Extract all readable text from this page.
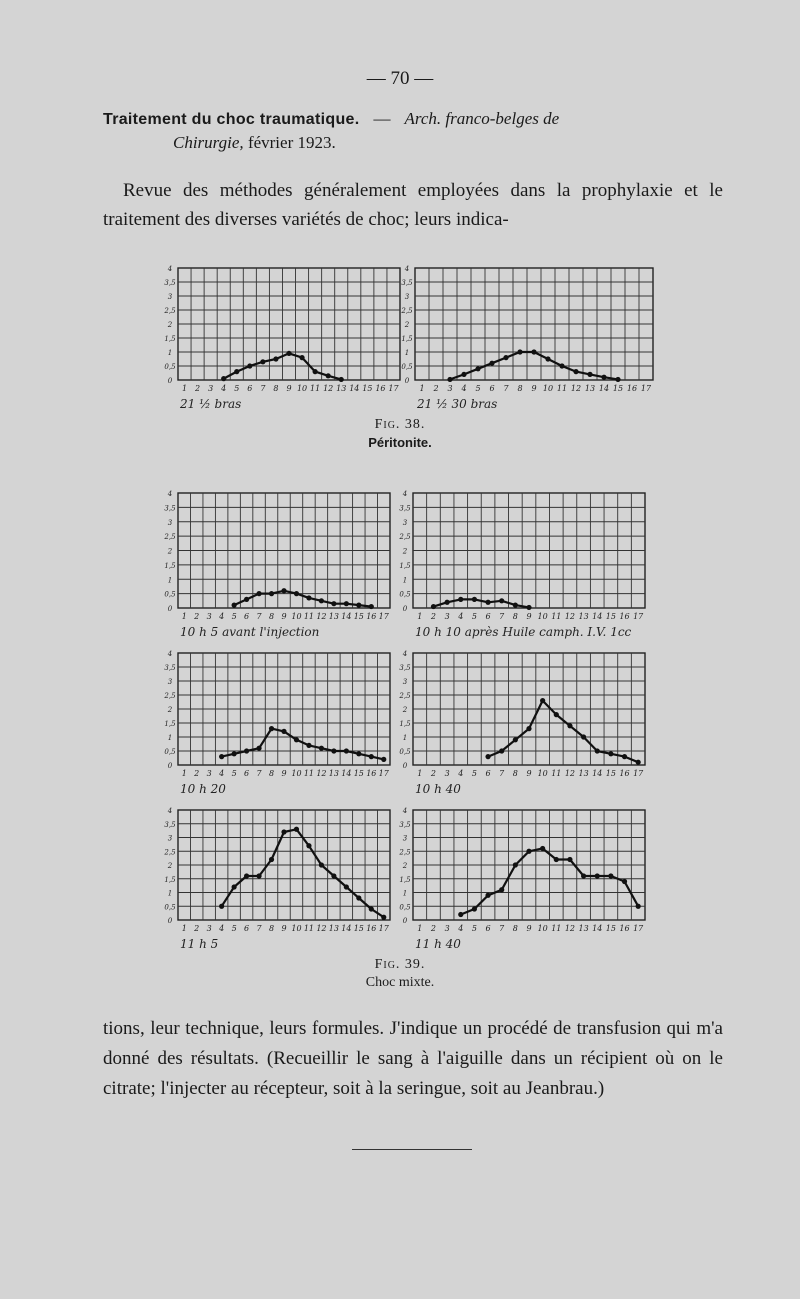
— 70 —
Traitement du choc traumatique. — Arch. franco-belges de
Chirurgie, février 1923.
Revue des méthodes généralement employées dans la prophylaxie et le traitement des diverses variétés de choc; leurs indica-
4
3,5
3
2,5
2
1,5
1
0,5
0
1 2 3 4 5 6 7 8 9 10 11 12 13 14 15 16 17
21 ½ bras
4
3,5
3
2,5
2
1,5
1
0,5
0
1 2 3 4 5 6 7 8 9 10 11 12 13 14 15 16 17
21 ½ 30 bras
4
3,5
3
2,5
2
1,5
1
0,5
0
1 2 3 4 5 6 7 8 9 10 11 12 13 14 15 16 17
10 h 5 avant l'injection
4
3,5
3
2,5
2
1,5
1
0,5
0
1 2 3 4 5 6 7 8 9 10 11 12 13 14 15 16 17
10 h 10 après Huile camph. I.V. 1cc
4
3,5
3
2,5
2
1,5
1
0,5
0
1 2 3 4 5 6 7 8 9 10 11 12 13 14 15 16 17
10 h 20
4
3,5
3
2,5
2
1,5
1
0,5
0
1 2 3 4 5 6 7 8 9 10 11 12 13 14 15 16 17
10 h 40
4
3,5
3
2,5
2
1,5
1
0,5
0
1 2 3 4 5 6 7 8 9 10 11 12 13 14 15 16 17
11 h 5
4
3,5
3
2,5
2
1,5
1
0,5
0
1 2 3 4 5 6 7 8 9 10 11 12 13 14 15 16 17
11 h 40
Fig. 38.
Péritonite.
Fig. 39.
Choc mixte.
tions, leur technique, leurs formules. J'indique un procédé de transfusion qui m'a donné des résultats. (Recueillir le sang à l'aiguille dans un récipient où on le citrate; l'injecter au récepteur, soit à la seringue, soit au Jeanbrau.)
